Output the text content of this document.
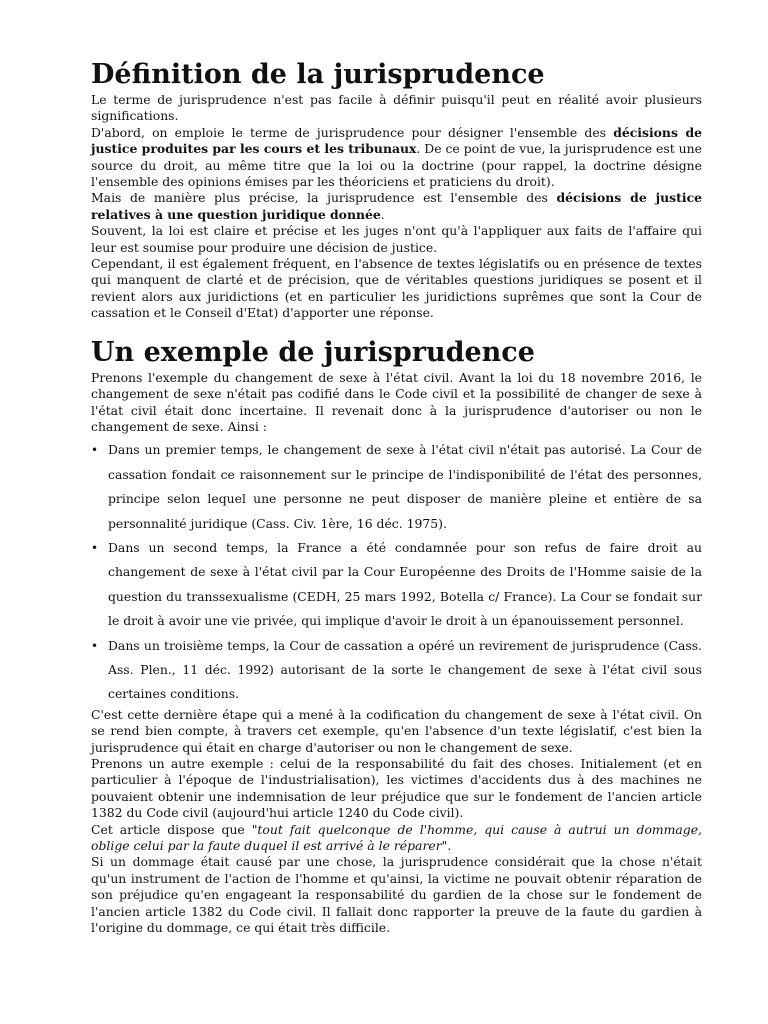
Définition de la jurisprudence

Le terme de jurisprudence n'est pas facile à définir puisqu'il peut en réalité avoir plusieurs significations.

D'abord, on emploie le terme de jurisprudence pour désigner l'ensemble des décisions de justice produites par les cours et les tribunaux. De ce point de vue, la jurisprudence est une source du droit, au même titre que la loi ou la doctrine (pour rappel, la doctrine désigne l'ensemble des opinions émises par les théoriciens et praticiens du droit).

Mais de manière plus précise, la jurisprudence est l'ensemble des décisions de justice relatives à une question juridique donnée.

Souvent, la loi est claire et précise et les juges n'ont qu'à l'appliquer aux faits de l'affaire qui leur est soumise pour produire une décision de justice.

Cependant, il est également fréquent, en l'absence de textes législatifs ou en présence de textes qui manquent de clarté et de précision, que de véritables questions juridiques se posent et il revient alors aux juridictions (et en particulier les juridictions suprêmes que sont la Cour de cassation et le Conseil d'Etat) d'apporter une réponse.

Un exemple de jurisprudence

Prenons l'exemple du changement de sexe à l'état civil. Avant la loi du 18 novembre 2016, le changement de sexe n'était pas codifié dans le Code civil et la possibilité de changer de sexe à l'état civil était donc incertaine. Il revenait donc à la jurisprudence d'autoriser ou non le changement de sexe. Ainsi :

• Dans un premier temps, le changement de sexe à l'état civil n'était pas autorisé. La Cour de cassation fondait ce raisonnement sur le principe de l'indisponibilité de l'état des personnes, principe selon lequel une personne ne peut disposer de manière pleine et entière de sa personnalité juridique (Cass. Civ. 1ère, 16 déc. 1975).
• Dans un second temps, la France a été condamnée pour son refus de faire droit au changement de sexe à l'état civil par la Cour Européenne des Droits de l'Homme saisie de la question du transsexualisme (CEDH, 25 mars 1992, Botella c/ France). La Cour se fondait sur le droit à avoir une vie privée, qui implique d'avoir le droit à un épanouissement personnel.
• Dans un troisième temps, la Cour de cassation a opéré un revirement de jurisprudence (Cass. Ass. Plen., 11 déc. 1992) autorisant de la sorte le changement de sexe à l'état civil sous certaines conditions.

C'est cette dernière étape qui a mené à la codification du changement de sexe à l'état civil. On se rend bien compte, à travers cet exemple, qu'en l'absence d'un texte législatif, c'est bien la jurisprudence qui était en charge d'autoriser ou non le changement de sexe.

Prenons un autre exemple : celui de la responsabilité du fait des choses. Initialement (et en particulier à l'époque de l'industrialisation), les victimes d'accidents dus à des machines ne pouvaient obtenir une indemnisation de leur préjudice que sur le fondement de l'ancien article 1382 du Code civil (aujourd'hui article 1240 du Code civil).

Cet article dispose que "tout fait quelconque de l'homme, qui cause à autrui un dommage, oblige celui par la faute duquel il est arrivé à le réparer".

Si un dommage était causé par une chose, la jurisprudence considérait que la chose n'était qu'un instrument de l'action de l'homme et qu'ainsi, la victime ne pouvait obtenir réparation de son préjudice qu'en engageant la responsabilité du gardien de la chose sur le fondement de l'ancien article 1382 du Code civil. Il fallait donc rapporter la preuve de la faute du gardien à l'origine du dommage, ce qui était très difficile.
